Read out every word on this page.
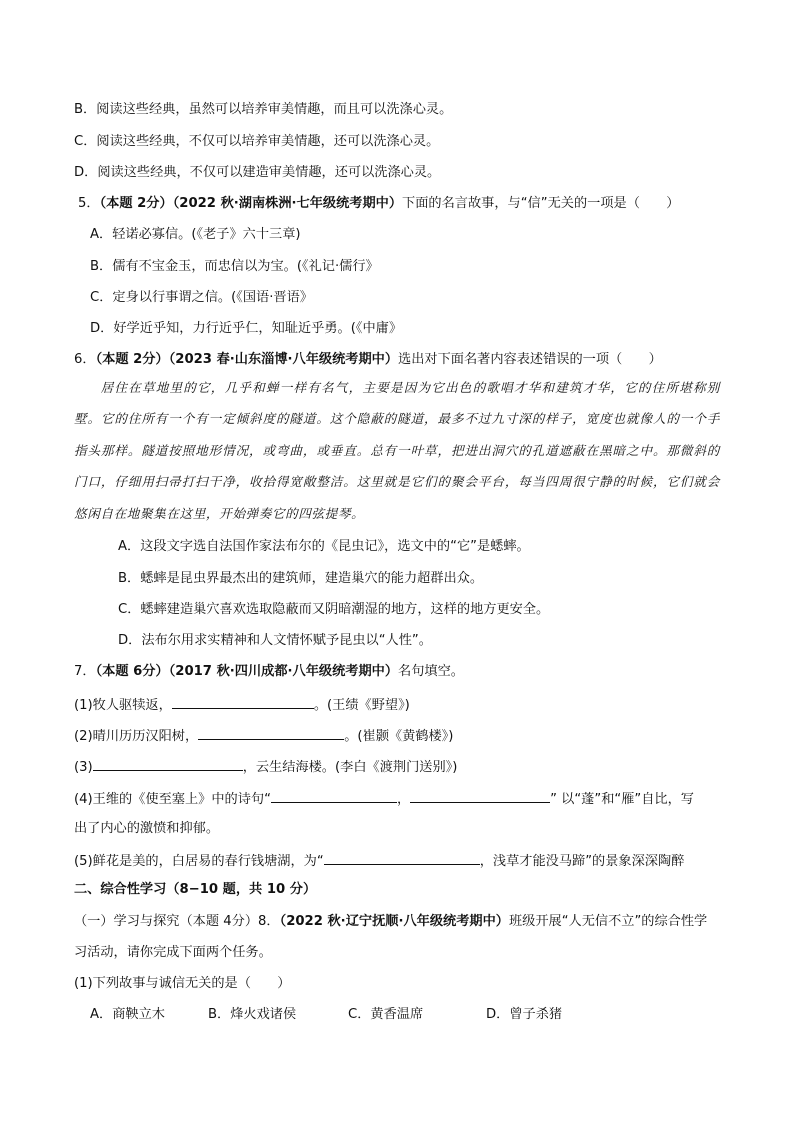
B．阅读这些经典，虽然可以培养审美情趣，而且可以洗涤心灵。
C．阅读这些经典，不仅可以培养审美情趣，还可以洗涤心灵。
D．阅读这些经典，不仅可以建造审美情趣，还可以洗涤心灵。
5．（本题 2分）（2022 秋·湖南株洲·七年级统考期中）下面的名言故事，与“信”无关的一项是（　　）
A．轻诺必寡信。(《老子》六十三章)
B．儒有不宝金玉，而忠信以为宝。(《礼记·儒行》
C．定身以行事谓之信。(《国语·晋语》
D．好学近乎知，力行近乎仁，知耻近乎勇。(《中庸》
6．（本题 2分）（2023 春·山东淄博·八年级统考期中）选出对下面名著内容表述错误的一项（　　）
居住在草地里的它，几乎和蝉一样有名气，主要是因为它出色的歌唱才华和建筑才华，它的住所堪称别墅。它的住所有一个有一定倾斜度的隧道。这个隐蔽的隧道，最多不过九寸深的样子，宽度也就像人的一个手指头那样。隧道按照地形情况，或弯曲，或垂直。总有一叶草，把进出洞穴的孔道遮蔽在黑暗之中。那微斜的门口，仔细用扫帚打扫干净，收拾得宽敞整洁。这里就是它们的聚会平台，每当四周很宁静的时候，它们就会悠闲自在地聚集在这里，开始弹奏它的四弦提琴。
A．这段文字选自法国作家法布尔的《昆虫记》，选文中的“它”是蟋蟀。
B．蟋蟀是昆虫界最杰出的建筑师，建造巢穴的能力超群出众。
C．蟋蟀建造巢穴喜欢选取隐蔽而又阴暗潮湿的地方，这样的地方更安全。
D．法布尔用求实精神和人文情怀赋予昆虫以“人性”。
7．（本题 6分）（2017 秋·四川成都·八年级统考期中）名句填空。
(1)牧人驱犊返，	。(王绩《野望》)
(2)晴川历历汉阳树，	。(崔颢《黄鹤楼》)
(3)	，云生结海楼。(李白《渡荆门送别》)
(4)王维的《使至塞上》中的诗句“	，	” 以“蓬”和“雁”自比，写
出了内心的激愤和抑郁。
(5)鲜花是美的，白居易的春行钱塘湖，为“	，浅草才能没马蹄”的景象深深陶醉
二、综合性学习（8−10 题，共 10 分）
（一）学习与探究（本题 4分）8．（2022 秋·辽宁抚顺·八年级统考期中）班级开展“人无信不立”的综合性学
习活动，请你完成下面两个任务。
(1)下列故事与诚信无关的是（　　）
A．商鞅立木	B．烽火戏诸侯	C．黄香温席	D．曾子杀猪
